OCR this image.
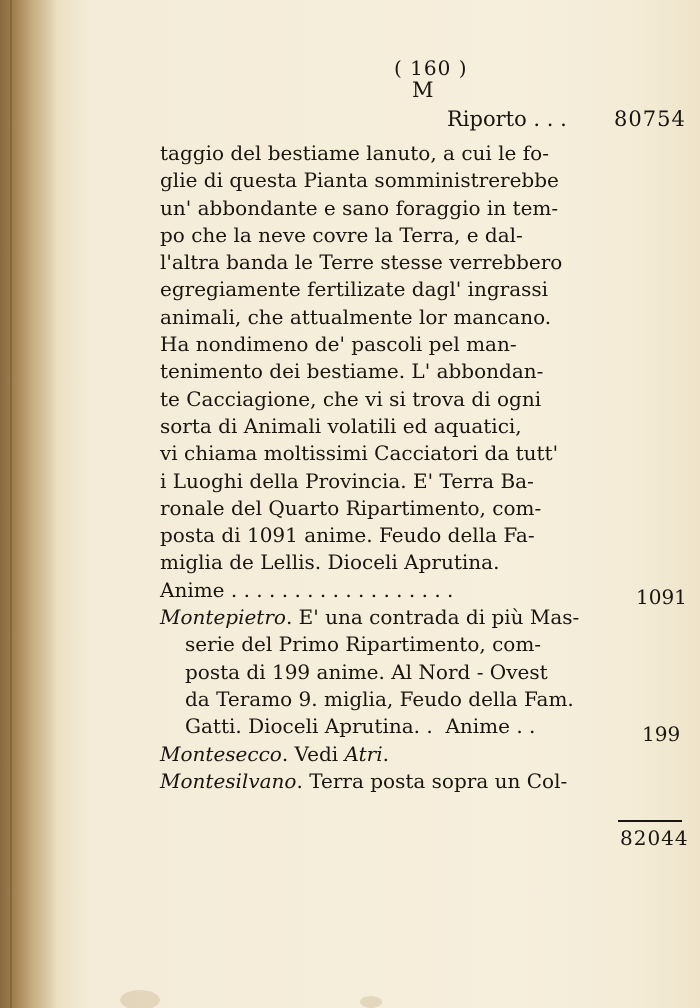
( 160 )
M
Riporto . . . 80754
taggio del bestiame lanuto, a cui le fo-
glie di questa Pianta somministrerebbe
un' abbondante e sano foraggio in tem-
po che la neve covre la Terra, e dal-
l'altra banda le Terre stesse verrebbero
egregiamente fertilizate dagl' ingrassi
animali, che attualmente lor mancano.
Ha nondimeno de' pascoli pel man-
tenimento dei bestiame. L' abbondan-
te Cacciagione, che vi si trova di ogni
sorta di Animali volatili ed aquatici,
vi chiama moltissimi Cacciatori da tutt'
i Luoghi della Provincia. E' Terra Ba-
ronale del Quarto Ripartimento, com-
posta di 1091 anime. Feudo della Fa-
miglia de Lellis. Dioceli Aprutina.
Anime . . . . . . . . . . . . . . . . . .
Montepietro . E' una contrada di più Mas-
serie del Primo Ripartimento, com-
posta di 199 anime. Al Nord - Ovest
da Teramo 9. miglia, Feudo della Fam.
Gatti. Dioceli Aprutina. .  Anime . .
Montesecco . Vedi Atri .
Montesilvano . Terra posta sopra un Col-
1091
199
82044
